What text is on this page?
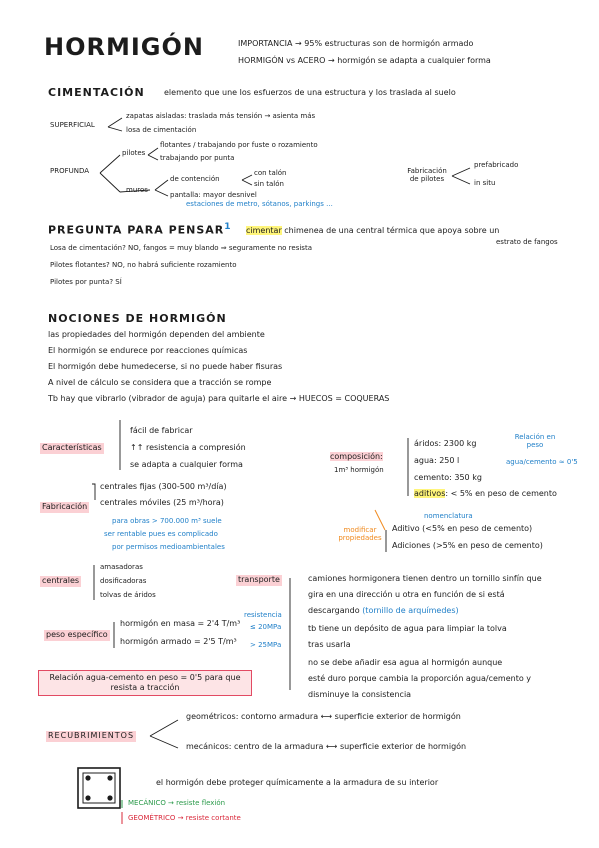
HORMIGÓN	IMPORTANCIA → 95% estructuras son de hormigón armado
HORMIGÓN vs ACERO → hormigón se adapta a cualquier forma
CIMENTACIÓN elemento que une los esfuerzos de una estructura y los traslada al suelo
SUPERFICIAL
zapatas aisladas: traslada más tensión → asienta más
losa de cimentación
PROFUNDA
pilotes
flotantes / trabajando por fuste o rozamiento
trabajando por punta
muros
de contención
con talón
sin talón
pantalla: mayor desnivel
estaciones de metro, sótanos, parkings ...
Fabricación de pilotes
prefabricado
in situ
PREGUNTA PARA PENSAR$^1$ cimentar chimenea de una central térmica que apoya sobre un
estrato de fangos
Losa de cimentación? NO, fangos = muy blando ⇒ seguramente no resista
Pilotes flotantes? NO, no habrá suficiente rozamiento
Pilotes por punta? SÍ
NOCIONES DE HORMIGÓN
las propiedades del hormigón dependen del ambiente
El hormigón se endurece por reacciones químicas
El hormigón debe humedecerse, si no puede haber fisuras
A nivel de cálculo se considera que a tracción se rompe
Tb hay que vibrarlo (vibrador de aguja) para quitarle el aire → HUECOS = COQUERAS
Características
fácil de fabricar
↑↑ resistencia a compresión
se adapta a cualquier forma
composición:
1m³ hormigón
áridos: 2300 kg
agua: 250 l
cemento: 350 kg
aditivos: < 5% en peso de cemento
Relación en peso
agua/cemento ≈ 0'5
Fabricación
centrales fijas (300-500 m³/día)
centrales móviles (25 m³/hora)
para obras > 700.000 m³ suele
ser rentable pues es complicado
por permisos medioambientales
modificar propiedades
nomenclatura
Aditivo (<5% en peso de cemento)
Adiciones (>5% en peso de cemento)
centrales
amasadoras
dosificadoras
tolvas de áridos
transporte	camiones hormigonera tienen dentro un tornillo sinfín que
gira en una dirección u otra en función de si está
descargando (tornillo de arquímedes)
tb tiene un depósito de agua para limpiar la tolva
tras usarla
no se debe añadir esa agua al hormigón aunque
esté duro porque cambia la proporción agua/cemento y
disminuye la consistencia
peso específico
hormigón en masa = 2'4 T/m³
hormigón armado = 2'5 T/m³
resistencia
≤ 20MPa
> 25MPa
Relación agua-cemento en peso = 0'5 para que resista a tracción
RECUBRIMIENTOS
geométricos: contorno armadura ⟷ superficie exterior de hormigón
mecánicos: centro de la armadura ⟷ superficie exterior de hormigón
el hormigón debe proteger químicamente a la armadura de su interior
MECÁNICO → resiste flexión
GEOMÉTRICO → resiste cortante
